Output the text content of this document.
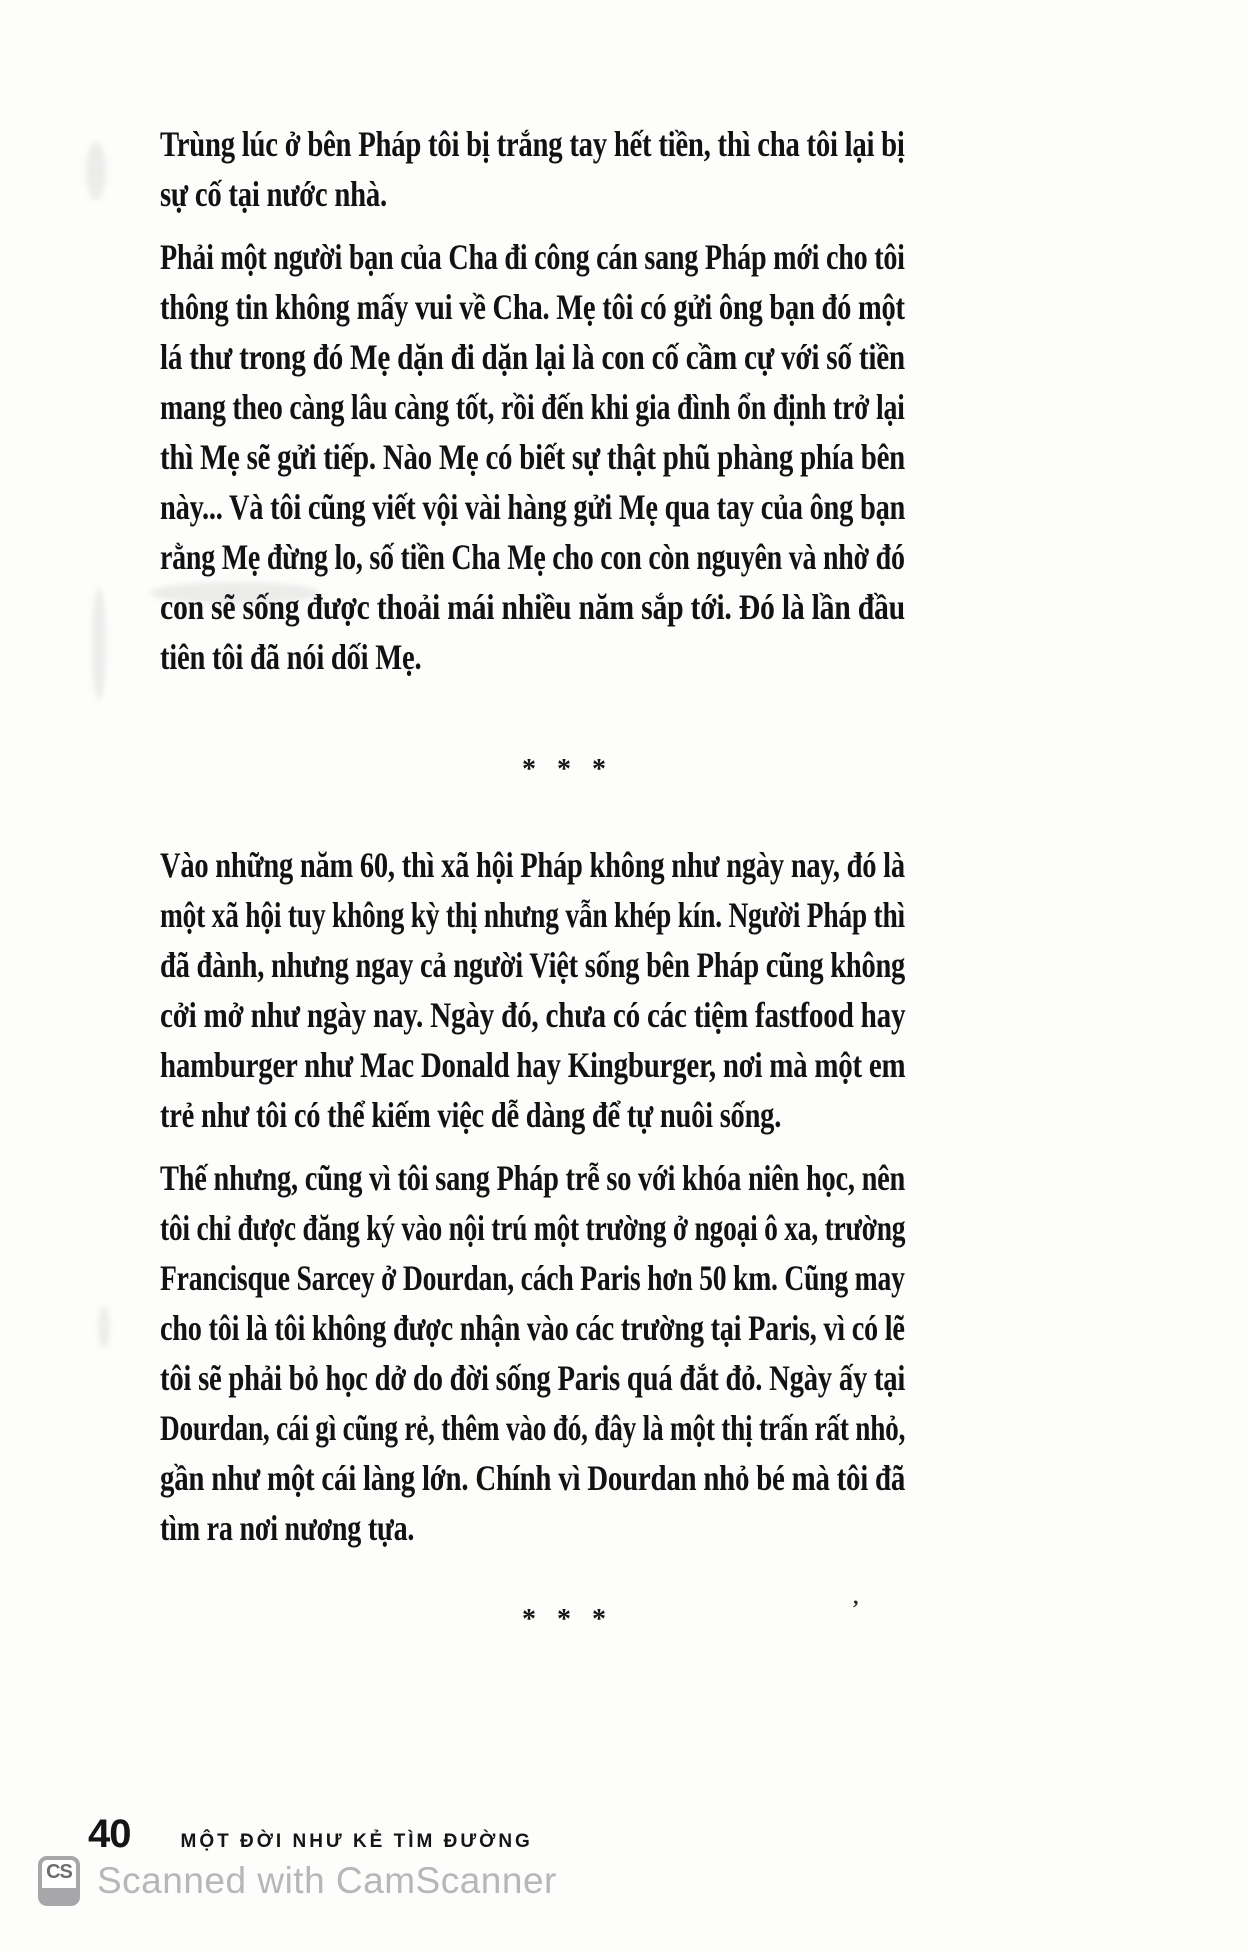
Trùng lúc ở bên Pháp tôi bị trắng tay hết tiền, thì cha tôi lại bị
sự cố tại nước nhà.
Phải một người bạn của Cha đi công cán sang Pháp mới cho tôi
thông tin không mấy vui về Cha. Mẹ tôi có gửi ông bạn đó một
lá thư trong đó Mẹ dặn đi dặn lại là con cố cầm cự với số tiền
mang theo càng lâu càng tốt, rồi đến khi gia đình ổn định trở lại
thì Mẹ sẽ gửi tiếp. Nào Mẹ có biết sự thật phũ phàng phía bên
này... Và tôi cũng viết vội vài hàng gửi Mẹ qua tay của ông bạn
rằng Mẹ đừng lo, số tiền Cha Mẹ cho con còn nguyên và nhờ đó
con sẽ sống được thoải mái nhiều năm sắp tới. Đó là lần đầu
tiên tôi đã nói dối Mẹ.
* * *
Vào những năm 60, thì xã hội Pháp không như ngày nay, đó là
một xã hội tuy không kỳ thị nhưng vẫn khép kín. Người Pháp thì
đã đành, nhưng ngay cả người Việt sống bên Pháp cũng không
cởi mở như ngày nay. Ngày đó, chưa có các tiệm fastfood hay
hamburger như Mac Donald hay Kingburger, nơi mà một em
trẻ như tôi có thể kiếm việc dễ dàng để tự nuôi sống.
Thế nhưng, cũng vì tôi sang Pháp trễ so với khóa niên học, nên
tôi chỉ được đăng ký vào nội trú một trường ở ngoại ô xa, trường
Francisque Sarcey ở Dourdan, cách Paris hơn 50 km. Cũng may
cho tôi là tôi không được nhận vào các trường tại Paris, vì có lẽ
tôi sẽ phải bỏ học dở do đời sống Paris quá đắt đỏ. Ngày ấy tại
Dourdan, cái gì cũng rẻ, thêm vào đó, đây là một thị trấn rất nhỏ,
gần như một cái làng lớn. Chính vì Dourdan nhỏ bé mà tôi đã
tìm ra nơi nương tựa.
* * *
40	MỘT ĐỜI NHƯ KẺ TÌM ĐƯỜNG
CS Scanned with CamScanner
,
